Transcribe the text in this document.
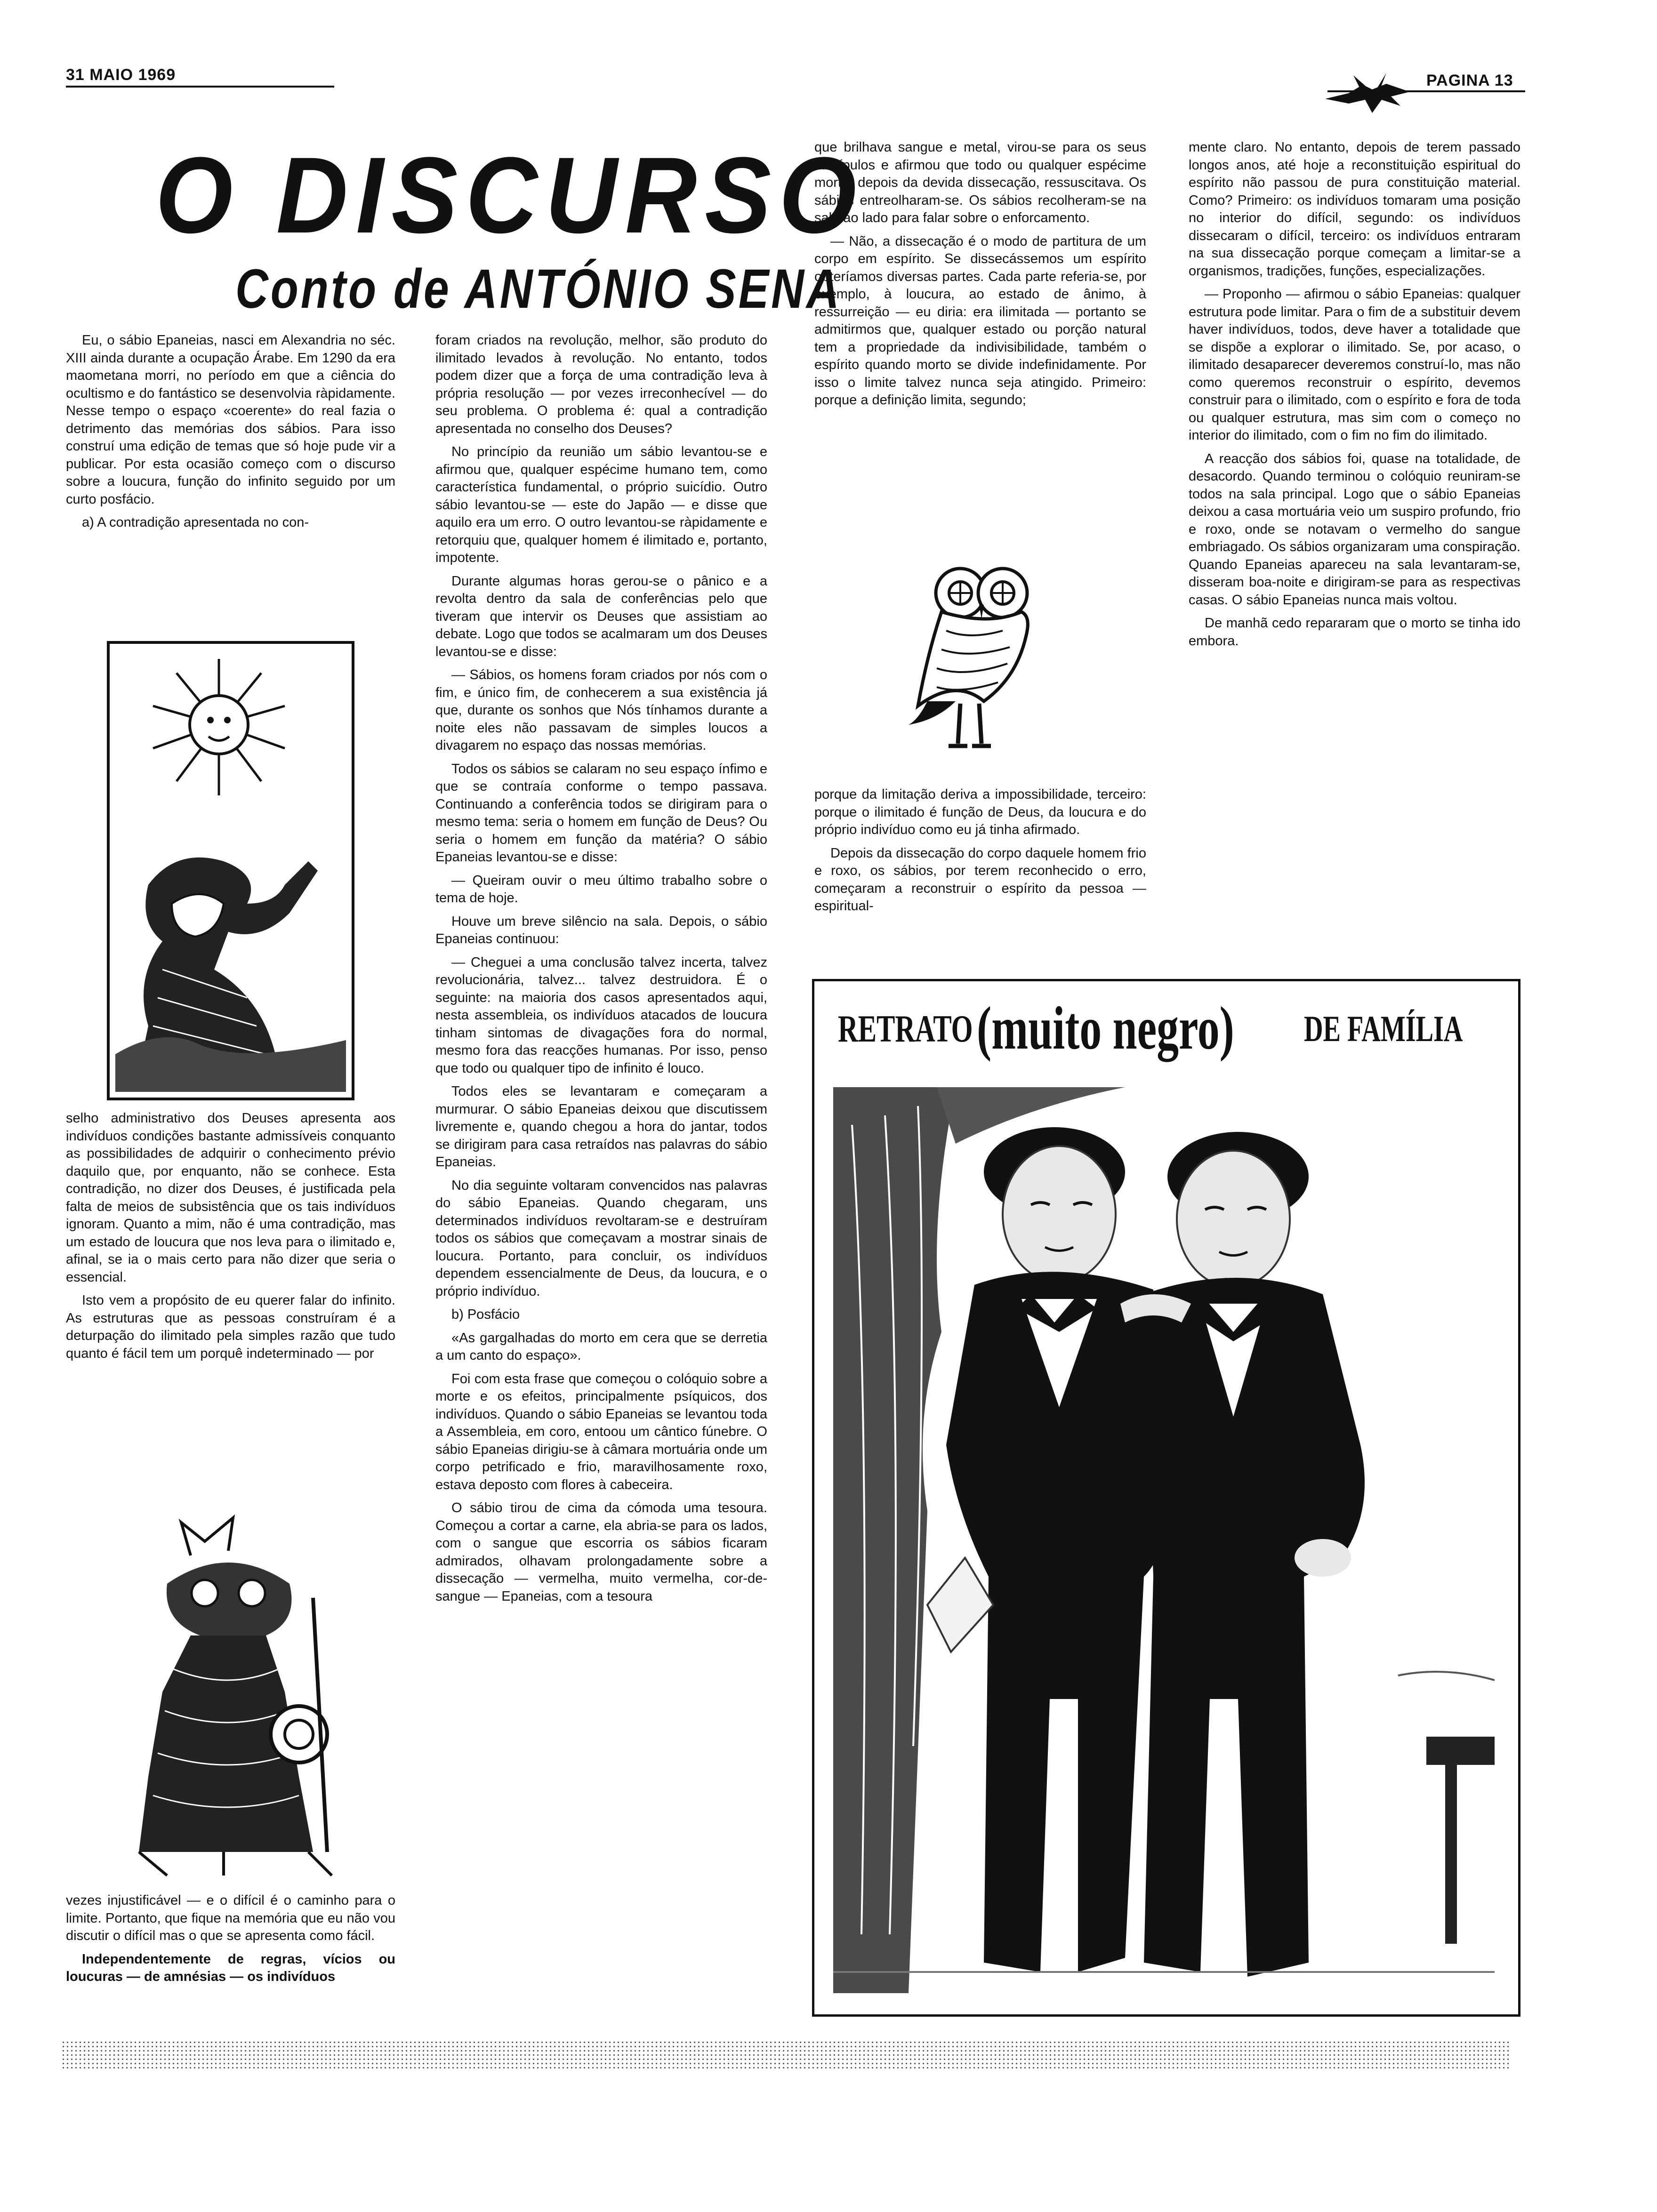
31 MAIO 1969	PAGINA 13
O DISCURSO
Conto de ANTÓNIO SENA

Eu, o sábio Epaneias, nasci em Alexandria no séc. XIII ainda durante a ocupação Árabe. Em 1290 da era maometana morri, no período em que a ciência do ocultismo e do fantástico se desenvolvia ràpidamente. Nesse tempo o espaço «coerente» do real fazia o detrimento das memórias dos sábios. Para isso construí uma edição de temas que só hoje pude vir a publicar. Por esta ocasião começo com o discurso sobre a loucura, função do infinito seguido por um curto posfácio.

a) A contradição apresentada no con-

selho administrativo dos Deuses apresenta aos indivíduos condições bastante admissíveis conquanto as possibilidades de adquirir o conhecimento prévio daquilo que, por enquanto, não se conhece. Esta contradição, no dizer dos Deuses, é justificada pela falta de meios de subsistência que os tais indivíduos ignoram. Quanto a mim, não é uma contradição, mas um estado de loucura que nos leva para o ilimitado e, afinal, se ia o mais certo para não dizer que seria o essencial.

Isto vem a propósito de eu querer falar do infinito. As estruturas que as pessoas construíram é a deturpação do ilimitado pela simples razão que tudo quanto é fácil tem um porquê indeterminado — por

vezes injustificável — e o difícil é o caminho para o limite. Portanto, que fique na memória que eu não vou discutir o difícil mas o que se apresenta como fácil.

Independentemente de regras, vícios ou loucuras — de amnésias — os indivíduos

foram criados na revolução, melhor, são produto do ilimitado levados à revolução. No entanto, todos podem dizer que a força de uma contradição leva à própria resolução — por vezes irreconhecível — do seu problema. O problema é: qual a contradição apresentada no conselho dos Deuses?

No princípio da reunião um sábio levantou-se e afirmou que, qualquer espécime humano tem, como característica fundamental, o próprio suicídio. Outro sábio levantou-se — este do Japão — e disse que aquilo era um erro. O outro levantou-se ràpidamente e retorquiu que, qualquer homem é ilimitado e, portanto, impotente.

Durante algumas horas gerou-se o pânico e a revolta dentro da sala de conferências pelo que tiveram que intervir os Deuses que assistiam ao debate. Logo que todos se acalmaram um dos Deuses levantou-se e disse:

— Sábios, os homens foram criados por nós com o fim, e único fim, de conhecerem a sua existência já que, durante os sonhos que Nós tínhamos durante a noite eles não passavam de simples loucos a divagarem no espaço das nossas memórias.

Todos os sábios se calaram no seu espaço ínfimo e que se contraía conforme o tempo passava. Continuando a conferência todos se dirigiram para o mesmo tema: seria o homem em função de Deus? Ou seria o homem em função da matéria? O sábio Epaneias levantou-se e disse:

— Queiram ouvir o meu último trabalho sobre o tema de hoje.

Houve um breve silêncio na sala. Depois, o sábio Epaneias continuou:

— Cheguei a uma conclusão talvez incerta, talvez revolucionária, talvez... talvez destruidora. É o seguinte: na maioria dos casos apresentados aqui, nesta assembleia, os indivíduos atacados de loucura tinham sintomas de divagações fora do normal, mesmo fora das reacções humanas. Por isso, penso que todo ou qualquer tipo de infinito é louco.

Todos eles se levantaram e começaram a murmurar. O sábio Epaneias deixou que discutissem livremente e, quando chegou a hora do jantar, todos se dirigiram para casa retraídos nas palavras do sábio Epaneias.

No dia seguinte voltaram convencidos nas palavras do sábio Epaneias. Quando chegaram, uns determinados indivíduos revoltaram-se e destruíram todos os sábios que começavam a mostrar sinais de loucura. Portanto, para concluir, os indivíduos dependem essencialmente de Deus, da loucura, e o próprio indivíduo.

b) Posfácio

«As gargalhadas do morto em cera que se derretia a um canto do espaço».

Foi com esta frase que começou o colóquio sobre a morte e os efeitos, principalmente psíquicos, dos indivíduos. Quando o sábio Epaneias se levantou toda a Assembleia, em coro, entoou um cântico fúnebre. O sábio Epaneias dirigiu-se à câmara mortuária onde um corpo petrificado e frio, maravilhosamente roxo, estava deposto com flores à cabeceira.

O sábio tirou de cima da cómoda uma tesoura. Começou a cortar a carne, ela abria-se para os lados, com o sangue que escorria os sábios ficaram admirados, olhavam prolongadamente sobre a dissecação — vermelha, muito vermelha, cor-de-sangue — Epaneias, com a tesoura

que brilhava sangue e metal, virou-se para os seus discípulos e afirmou que todo ou qualquer espécime morto, depois da devida dissecação, ressuscitava. Os sábios entreolharam-se. Os sábios recolheram-se na sala ao lado para falar sobre o enforcamento.

— Não, a dissecação é o modo de partitura de um corpo em espírito. Se dissecássemos um espírito obteríamos diversas partes. Cada parte referia-se, por exemplo, à loucura, ao estado de ânimo, à ressurreição — eu diria: era ilimitada — portanto se admitirmos que, qualquer estado ou porção natural tem a propriedade da indivisibilidade, também o espírito quando morto se divide indefinidamente. Por isso o limite talvez nunca seja atingido. Primeiro: porque a definição limita, segundo;

porque da limitação deriva a impossibilidade, terceiro: porque o ilimitado é função de Deus, da loucura e do próprio indivíduo como eu já tinha afirmado.

Depois da dissecação do corpo daquele homem frio e roxo, os sábios, por terem reconhecido o erro, começaram a reconstruir o espírito da pessoa — espiritual-

mente claro. No entanto, depois de terem passado longos anos, até hoje a reconstituição espiritual do espírito não passou de pura constituição material. Como? Primeiro: os indivíduos tomaram uma posição no interior do difícil, segundo: os indivíduos dissecaram o difícil, terceiro: os indivíduos entraram na sua dissecação porque começam a limitar-se a organismos, tradições, funções, especializações.

— Proponho — afirmou o sábio Epaneias: qualquer estrutura pode limitar. Para o fim de a substituir devem haver indivíduos, todos, deve haver a totalidade que se dispõe a explorar o ilimitado. Se, por acaso, o ilimitado desaparecer deveremos construí-lo, mas não como queremos reconstruir o espírito, devemos construir para o ilimitado, com o espírito e fora de toda ou qualquer estrutura, mas sim com o começo no interior do ilimitado, com o fim no fim do ilimitado.

A reacção dos sábios foi, quase na totalidade, de desacordo. Quando terminou o colóquio reuniram-se todos na sala principal. Logo que o sábio Epaneias deixou a casa mortuária veio um suspiro profundo, frio e roxo, onde se notavam o vermelho do sangue embriagado. Os sábios organizaram uma conspiração. Quando Epaneias apareceu na sala levantaram-se, disseram boa-noite e dirigiram-se para as respectivas casas. O sábio Epaneias nunca mais voltou.

De manhã cedo repararam que o morto se tinha ido embora.

RETRATO (muito negro) DE FAMÍLIA
